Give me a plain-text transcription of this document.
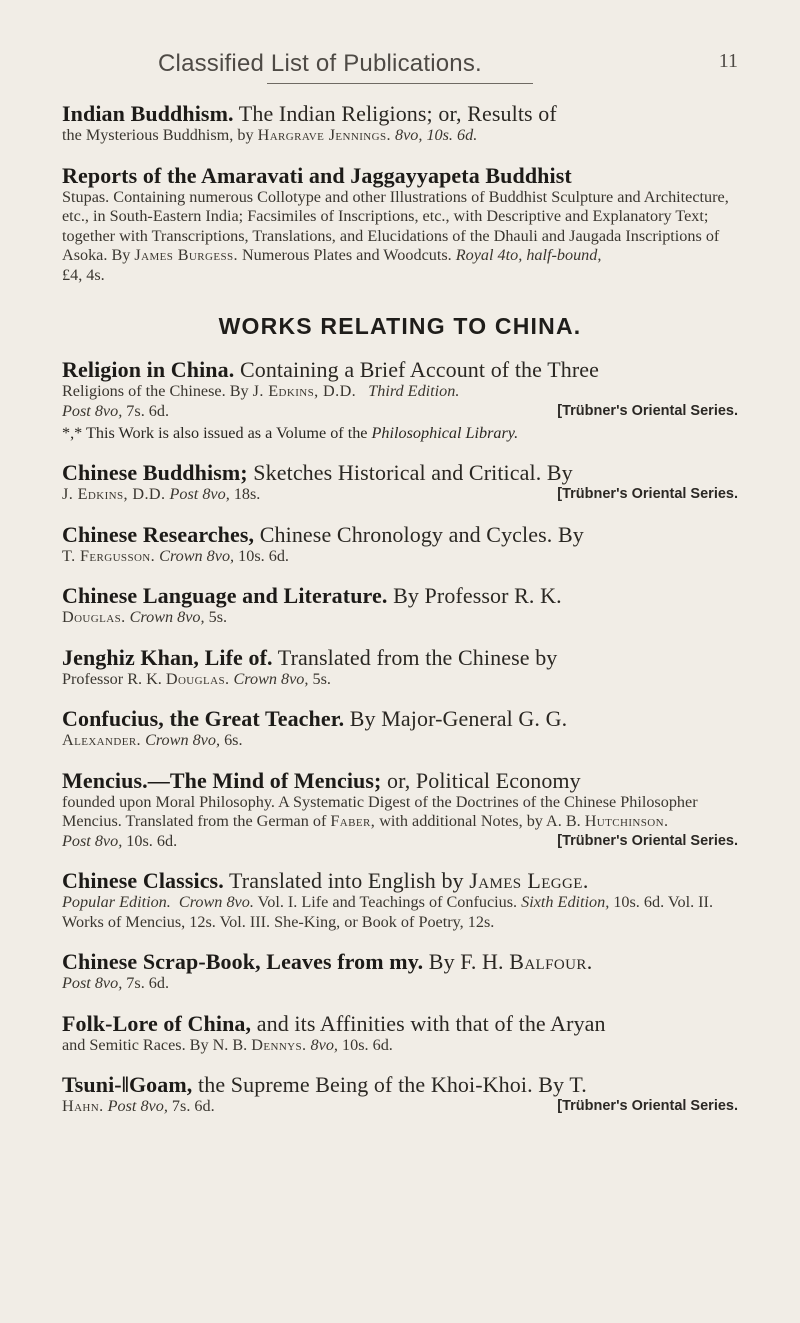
Classified List of Publications.	11
Indian Buddhism. The Indian Religions; or, Results of
the Mysterious Buddhism, by Hargrave Jennings. 8vo, 10s. 6d.
Reports of the Amaravati and Jaggayyapeta Buddhist
Stupas. Containing numerous Collotype and other Illustrations of Buddhist Sculpture and Architecture, etc., in South-Eastern India; Facsimiles of Inscriptions, etc., with Descriptive and Explanatory Text; together with Transcriptions, Translations, and Elucidations of the Dhauli and Jaugada Inscriptions of Asoka. By James Burgess. Numerous Plates and Woodcuts. Royal 4to, half-bound,
£4, 4s.
WORKS RELATING TO CHINA.
Religion in China. Containing a Brief Account of the Three
Religions of the Chinese. By J. Edkins, D.D. Third Edition.
Post 8vo, 7s. 6d.	[Trübner's Oriental Series.
*,* This Work is also issued as a Volume of the Philosophical Library.
Chinese Buddhism; Sketches Historical and Critical. By
J. Edkins, D.D. Post 8vo, 18s.	[Trübner's Oriental Series.
Chinese Researches, Chinese Chronology and Cycles. By
T. Fergusson. Crown 8vo, 10s. 6d.
Chinese Language and Literature. By Professor R. K.
Douglas. Crown 8vo, 5s.
Jenghiz Khan, Life of. Translated from the Chinese by
Professor R. K. Douglas. Crown 8vo, 5s.
Confucius, the Great Teacher. By Major-General G. G.
Alexander. Crown 8vo, 6s.
Mencius.—The Mind of Mencius; or, Political Economy
founded upon Moral Philosophy. A Systematic Digest of the Doctrines of the Chinese Philosopher Mencius. Translated from the German of Faber, with additional Notes, by A. B. Hutchinson.
Post 8vo, 10s. 6d.	[Trübner's Oriental Series.
Chinese Classics. Translated into English by James Legge.
Popular Edition. Crown 8vo. Vol. I. Life and Teachings of Confucius. Sixth Edition, 10s. 6d. Vol. II. Works of Mencius, 12s. Vol. III. She-King, or Book of Poetry, 12s.
Chinese Scrap-Book, Leaves from my. By F. H. Balfour.
Post 8vo, 7s. 6d.
Folk-Lore of China, and its Affinities with that of the Aryan
and Semitic Races. By N. B. Dennys. 8vo, 10s. 6d.
Tsuni-‖Goam, the Supreme Being of the Khoi-Khoi. By T.
Hahn. Post 8vo, 7s. 6d.	[Trübner's Oriental Series.
